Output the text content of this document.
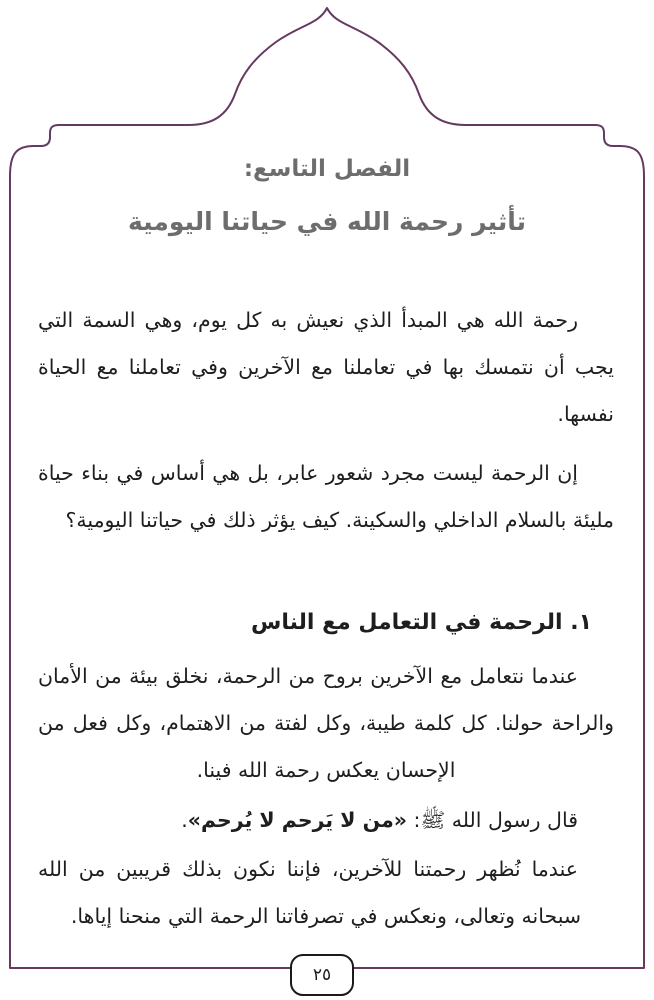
الفصل التاسع:
تأثير رحمة الله في حياتنا اليومية

رحمة الله هي المبدأ الذي نعيش به كل يوم، وهي السمة التي يجب أن نتمسك بها في تعاملنا مع الآخرين وفي تعاملنا مع الحياة نفسها.

إن الرحمة ليست مجرد شعور عابر، بل هي أساس في بناء حياة مليئة بالسلام الداخلي والسكينة. كيف يؤثر ذلك في حياتنا اليومية؟

١. الرحمة في التعامل مع الناس

عندما نتعامل مع الآخرين بروح من الرحمة، نخلق بيئة من الأمان والراحة حولنا. كل كلمة طيبة، وكل لفتة من الاهتمام، وكل فعل من الإحسان يعكس رحمة الله فينا.

قال رسول الله ﷺ: «من لا يَرحم لا يُرحم».

عندما نُظهر رحمتنا للآخرين، فإننا نكون بذلك قريبين من الله سبحانه وتعالى، ونعكس في تصرفاتنا الرحمة التي منحنا إياها.

٢٥
